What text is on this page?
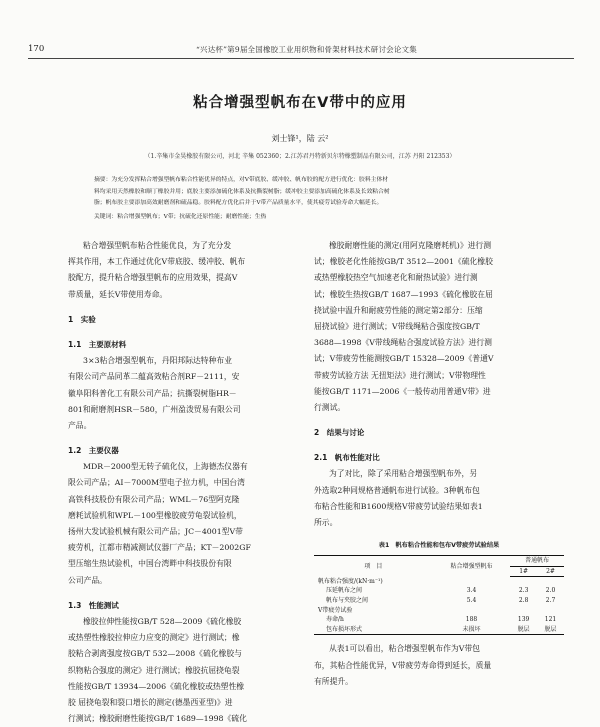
170	“兴达杯”第9届全国橡胶工业用织物和骨架材料技术研讨会论文集
粘合增强型帆布在V带中的应用
刘士锋¹，陆 云²
（1.辛集市金昊橡胶有限公司，河北 辛集 052360；2.江苏君丹特新贝尔特橡塑制品有限公司，江苏 丹阳 212353）
摘要：为充分发挥粘合增强型帆布粘合性能优异的特点，对V带底胶、缓冲胶、帆布胶的配方进行优化：胶料主体材
料均采用天然橡胶和顺丁橡胶并用；底胶主要添加硫化体系及抗撕裂树脂；缓冲胶主要添加高硫化体系及长效粘合树
脂；帆布胶主要添加高效耐磨剂和硫品稳。胶料配方优化后并于V带产品质量水平，使其疲劳试验寿命大幅延长。
关键词：粘合增强型帆布；V带；抗硫化还原性能；耐磨性能；生热

粘合增强型帆布粘合性能优良，为了充分发
挥其作用，本工作通过优化V带底胶、缓冲胶、帆布
胶配方，提升粘合增强型帆布的应用效果，提高V
带质量，延长V带使用寿命。

1　实验
1.1　主要原材料

3×3粘合增强型帆布，丹阳邦际达特种布业
有限公司产品同革二蕴高效粘合剂RF－2111，安
徽阜阳科普化工有限公司产品；抗撕裂树脂HR－
801和耐磨剂HSR－580，广州盈泼贸易有限公司
产品。

1.2　主要仪器

MDR－2000型无转子硫化仪，上海德杰仪器有
限公司产品；AI－7000M型电子拉力机，中国台湾
高铁科技股份有限公司产品；WML－76型阿克隆
磨耗试验机和WPL－100型橡胶疲劳龟裂试验机，
扬州大发试验机械有限公司产品；JC－4001型V带
疲劳机，江都市精减测试仪器厂产品；KT－2002GF
型压缩生热试验机，中国台湾畔中科技股份有限
公司产品。

1.3　性能测试

橡胶拉伸性能按GB/T 528—2009《硫化橡胶
或热塑性橡胶拉伸应力应变的测定》进行测试；橡
胶粘合剥离强度按GB/T 532—2008《硫化橡胶与
织物粘合强度的测定》进行测试；橡胶抗屈挠龟裂
性能按GB/T 13934—2006《硫化橡胶或热塑性橡
胶 屈挠龟裂和裂口增长的测定(德墨西亚型)》进
行测试；橡胶耐磨性能按GB/T 1689—1998《硫化

橡胶耐磨性能的测定(用阿克隆磨耗机)》进行测
试；橡胶老化性能按GB/T 3512—2001《硫化橡胶
或热塑橡胶热空气加速老化和耐热试验》进行测
试；橡胶生热按GB/T 1687—1993《硫化橡胶在屈
挠试验中温升和耐疲劳性能的测定第2部分：压缩
屈挠试验》进行测试；V带线绳粘合强度按GB/T
3688—1998《V带线绳粘合强度试验方法》进行测
试；V带疲劳性能测按GB/T 15328—2009《普通V
带疲劳试验方法 无扭矩法》进行测试；V带物理性
能按GB/T 1171—2006《一般传动用普通V带》进
行测试。

2　结果与讨论
2.1　帆布性能对比

为了对比，除了采用粘合增强型帆布外，另
外选取2种同规格普通帆布进行试验。3种帆布包
布粘合性能和B1600规格V带疲劳试验结果如表1
所示。

表1　帆布粘合性能和包布V带疲劳试验结果
项　目	粘合增强型帆布	普通帆布	
		1#	2#
帆布粘合强度/(kN·m⁻¹)			
压延帆布之间	3.4	2.3	2.0
帆布与夹胶之间	5.4	2.8	2.7
V带疲劳试验			
寿命/h	188	139	121
包布损坏形式	未损坏	脱层	脱层
从表1可以看出，粘合增强型帆布作为V带包
布，其粘合性能优异，V带疲劳寿命得到延长，质量
有所提升。
